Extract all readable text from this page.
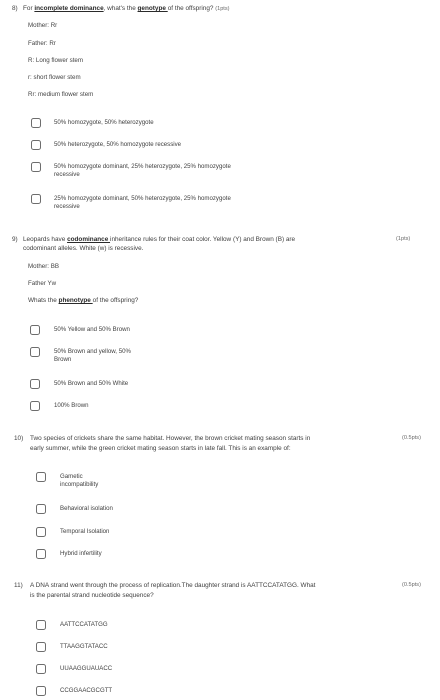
8) For incomplete dominance, what's the genotype of the offspring? (1pts)
Mother: Rr
Father: Rr
R: Long flower stem
r: short flower stem
Rr: medium flower stem
50% homozygote, 50% heterozygote
50% heterozygote, 50% homozygote recessive
50% homozygote dominant, 25% heterozygote, 25% homozygote
recessive
25% homozygote dominant, 50% heterozygote, 25% homozygote
recessive
9) Leopards have codominance inheritance rules for their coat color. Yellow (Y) and Brown (B) are
codominant alleles. White (w) is recessive.
(1pts)
Mother: BB
Father Yw
Whats the phenotype of the offspring?
50% Yellow and 50% Brown
50% Brown and yellow, 50%
Brown
50% Brown and 50% White
100% Brown
10) Two species of crickets share the same habitat. However, the brown cricket mating season starts in
early summer, while the green cricket mating season starts in late fall. This is an example of:
(0.5pts)
Gametic
incompatibility
Behavioral isolation
Temporal Isolation
Hybrid infertility
11) A DNA strand went through the process of replication.The daughter strand is AATTCCATATGG. What
is the parental strand nucleotide sequence?
(0.5pts)
AATTCCATATGG
TTAAGGTATACC
UUAAGGUAUACC
CCGGAACGCGTT
